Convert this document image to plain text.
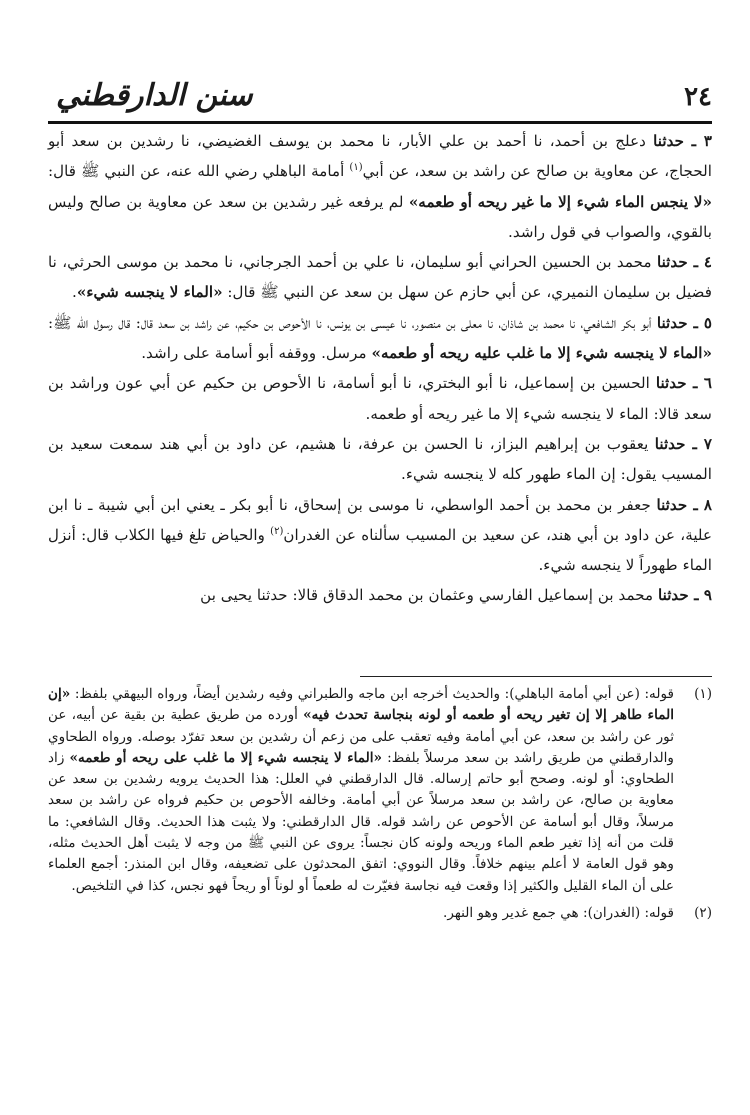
٢٤
سنن الدارقطني

٣ ـ حدثنا دعلج بن أحمد، نا أحمد بن علي الأبار، نا محمد بن يوسف الغضيضي، نا رشدين بن سعد أبو الحجاج، عن معاوية بن صالح عن راشد بن سعد، عن أبي$^{(١)}$ أمامة الباهلي رضي الله عنه، عن النبي ﷺ قال: «لا ينجس الماء شيء إلا ما غير ريحه أو طعمه» لم يرفعه غير رشدين بن سعد عن معاوية بن صالح وليس بالقوي، والصواب في قول راشد.

٤ ـ حدثنا محمد بن الحسين الحراني أبو سليمان، نا علي بن أحمد الجرجاني، نا محمد بن موسى الحرثي، نا فضيل بن سليمان النميري، عن أبي حازم عن سهل بن سعد عن النبي ﷺ قال: «الماء لا ينجسه شيء».

٥ ـ حدثنا أبو بكر الشافعي، نا محمد بن شاذان، نا معلى بن منصور، نا عيسى بن يونس، نا الأحوص بن حكيم، عن راشد بن سعد قال: قال رسول الله ﷺ: «الماء لا ينجسه شيء إلا ما غلب عليه ريحه أو طعمه» مرسل. ووقفه أبو أسامة على راشد.

٦ ـ حدثنا الحسين بن إسماعيل، نا أبو البختري، نا أبو أسامة، نا الأحوص بن حكيم عن أبي عون وراشد بن سعد قالا: الماء لا ينجسه شيء إلا ما غير ريحه أو طعمه.

٧ ـ حدثنا يعقوب بن إبراهيم البزاز، نا الحسن بن عرفة، نا هشيم، عن داود بن أبي هند سمعت سعيد بن المسيب يقول: إن الماء طهور كله لا ينجسه شيء.

٨ ـ حدثنا جعفر بن محمد بن أحمد الواسطي، نا موسى بن إسحاق، نا أبو بكر ـ يعني ابن أبي شيبة ـ نا ابن علية، عن داود بن أبي هند، عن سعيد بن المسيب سألناه عن الغدران$^{(٢)}$ والحياض تلغ فيها الكلاب قال: أنزل الماء طهوراً لا ينجسه شيء.

٩ ـ حدثنا محمد بن إسماعيل الفارسي وعثمان بن محمد الدقاق قالا: حدثنا يحيى بن

(١)
قوله: (عن أبي أمامة الباهلي): والحديث أخرجه ابن ماجه والطبراني وفيه رشدين أيضاً، ورواه البيهقي بلفظ: «إن الماء طاهر إلا إن تغير ريحه أو طعمه أو لونه بنجاسة تحدث فيه» أورده من طريق عطية بن بقية عن أبيه، عن ثور عن راشد بن سعد، عن أبي أمامة وفيه تعقب على من زعم أن رشدين بن سعد تفرّد بوصله. ورواه الطحاوي والدارقطني من طريق راشد بن سعد مرسلاً بلفظ: «الماء لا ينجسه شيء إلا ما غلب على ريحه أو طعمه» زاد الطحاوي: أو لونه. وصحح أبو حاتم إرساله. قال الدارقطني في العلل: هذا الحديث يرويه رشدين بن سعد عن معاوية بن صالح، عن راشد بن سعد مرسلاً عن أبي أمامة. وخالفه الأحوص بن حكيم فرواه عن راشد بن سعد مرسلاً، وقال أبو أسامة عن الأحوص عن راشد قوله. قال الدارقطني: ولا يثبت هذا الحديث. وقال الشافعي: ما قلت من أنه إذا تغير طعم الماء وريحه ولونه كان نجساً: يروى عن النبي ﷺ من وجه لا يثبت أهل الحديث مثله، وهو قول العامة لا أعلم بينهم خلافاً. وقال النووي: اتفق المحدثون على تضعيفه، وقال ابن المنذر: أجمع العلماء على أن الماء القليل والكثير إذا وقعت فيه نجاسة فغيّرت له طعماً أو لوناً أو ريحاً فهو نجس، كذا في التلخيص.
(٢)
قوله: (الغدران): هي جمع غدير وهو النهر.
